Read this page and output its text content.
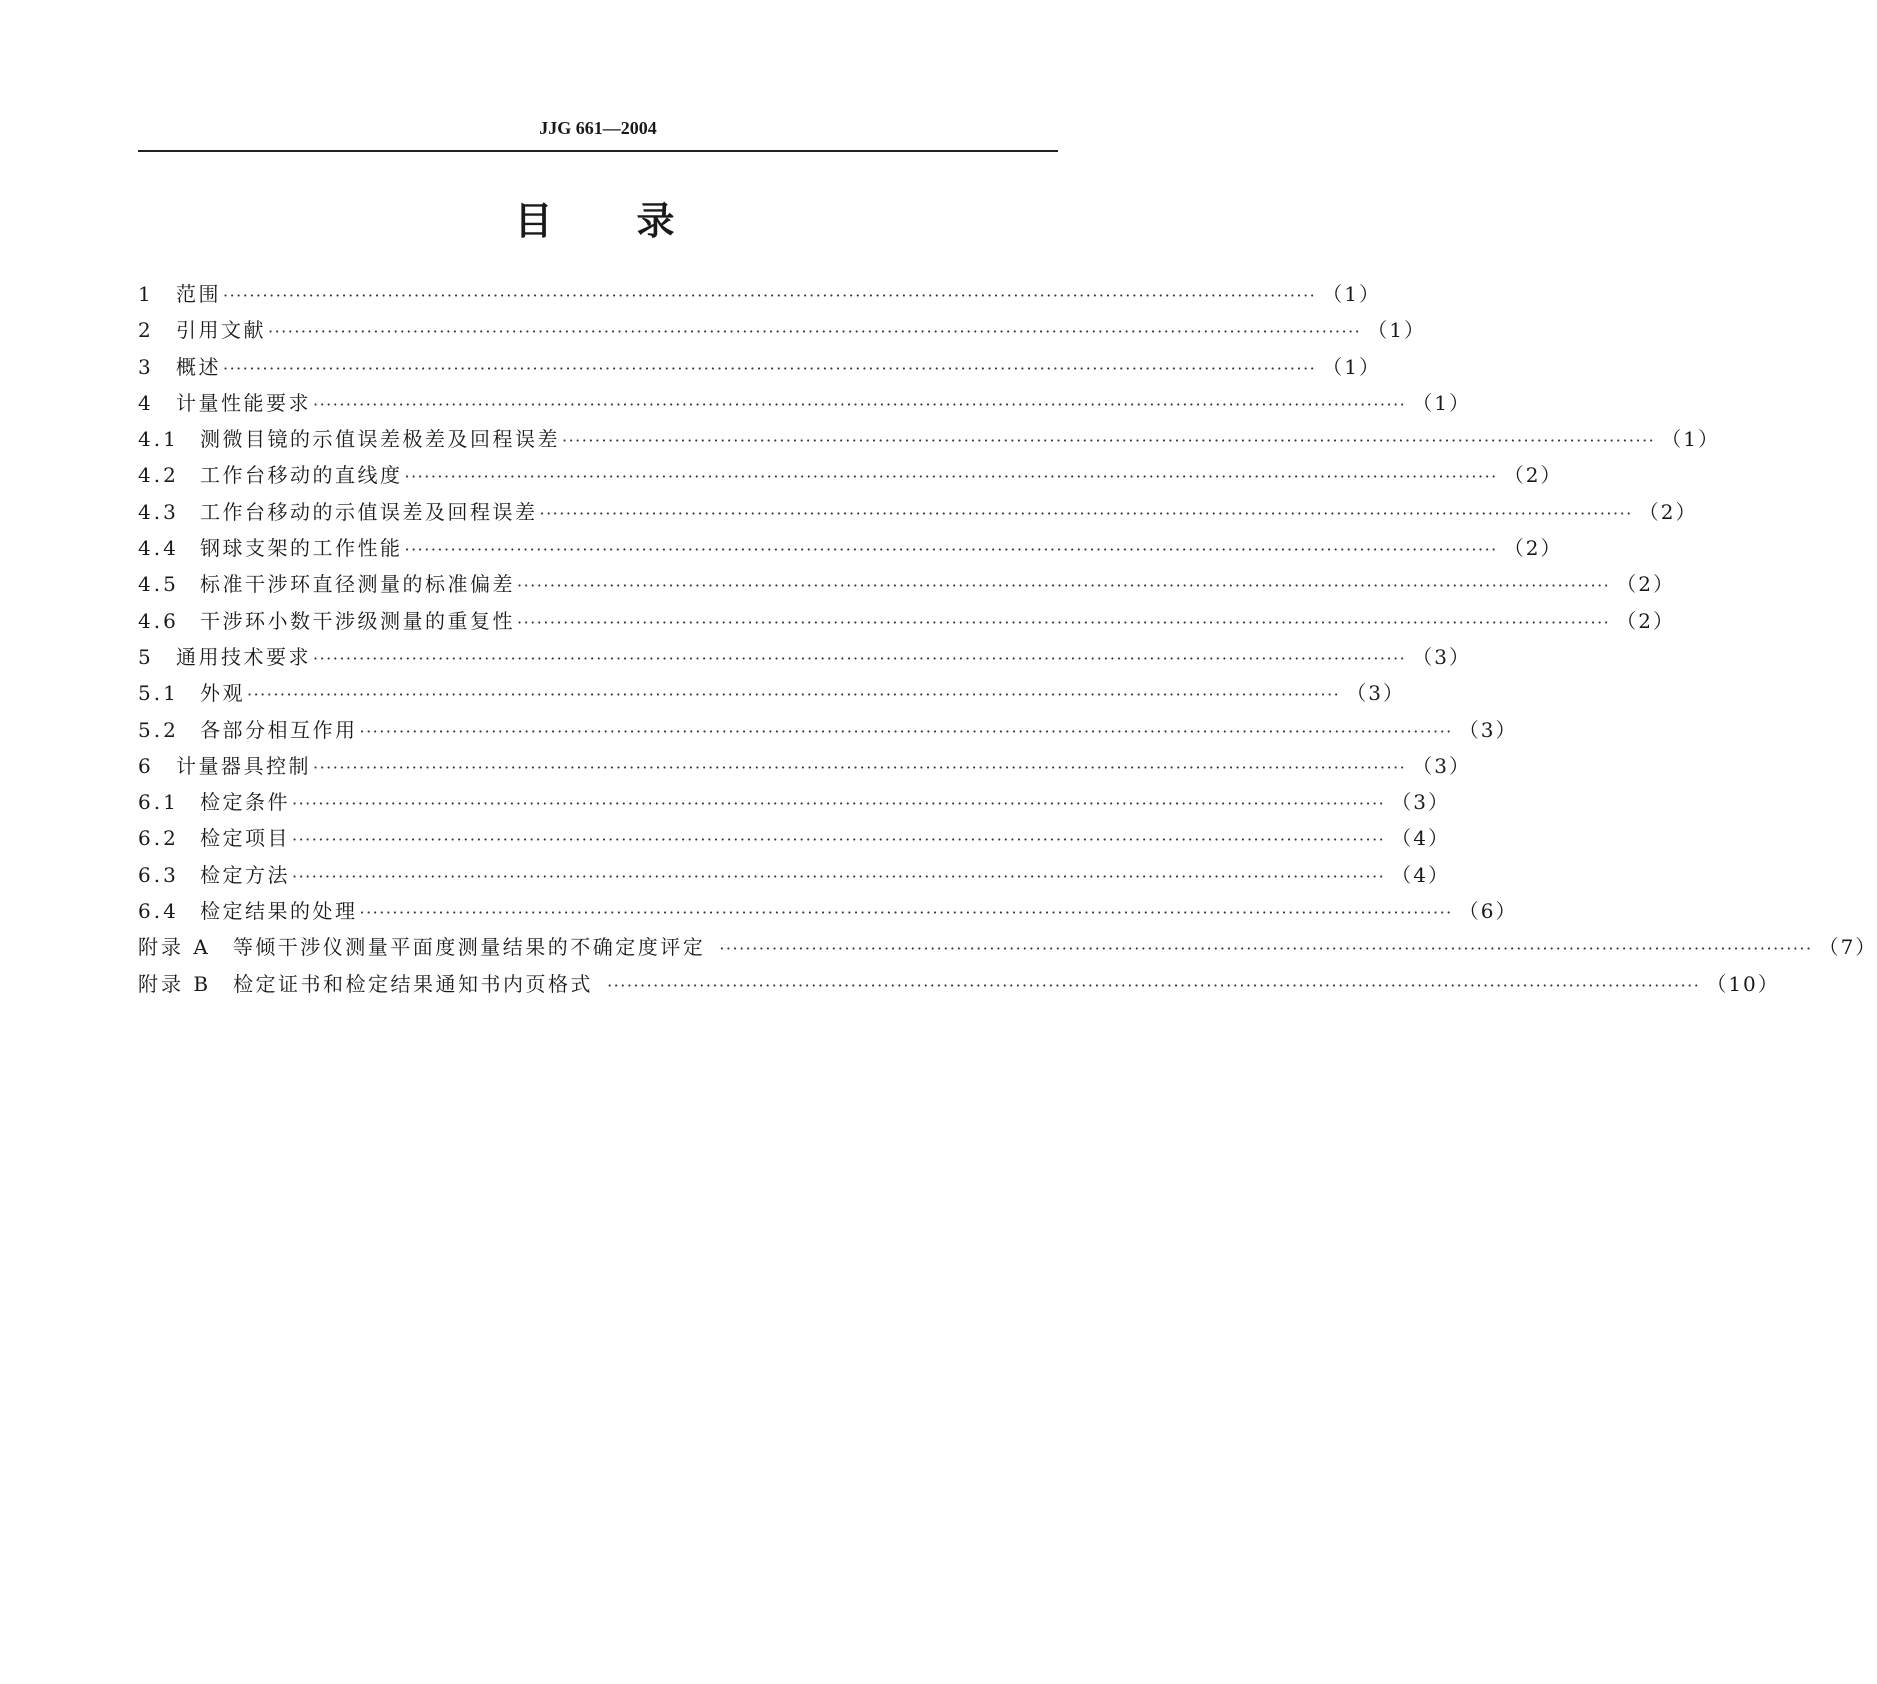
JJG 661—2004
目 录
1	范围 ·····	（1）
2	引用文献 ·····	（1）
3	概述 ·····	（1）
4	计量性能要求 ·····	（1）
4.1	测微目镜的示值误差极差及回程误差 ·····	（1）
4.2	工作台移动的直线度 ·····	（2）
4.3	工作台移动的示值误差及回程误差 ·····	（2）
4.4	钢球支架的工作性能 ·····	（2）
4.5	标准干涉环直径测量的标准偏差 ·····	（2）
4.6	干涉环小数干涉级测量的重复性 ·····	（2）
5	通用技术要求 ·····	（3）
5.1	外观 ·····	（3）
5.2	各部分相互作用 ·····	（3）
6	计量器具控制 ·····	（3）
6.1	检定条件 ·····	（3）
6.2	检定项目 ·····	（4）
6.3	检定方法 ·····	（4）
6.4	检定结果的处理 ·····	（6）
附录 A 等倾干涉仪测量平面度测量结果的不确定度评定 ·····	（7）
附录 B 检定证书和检定结果通知书内页格式 ·····	（10）
